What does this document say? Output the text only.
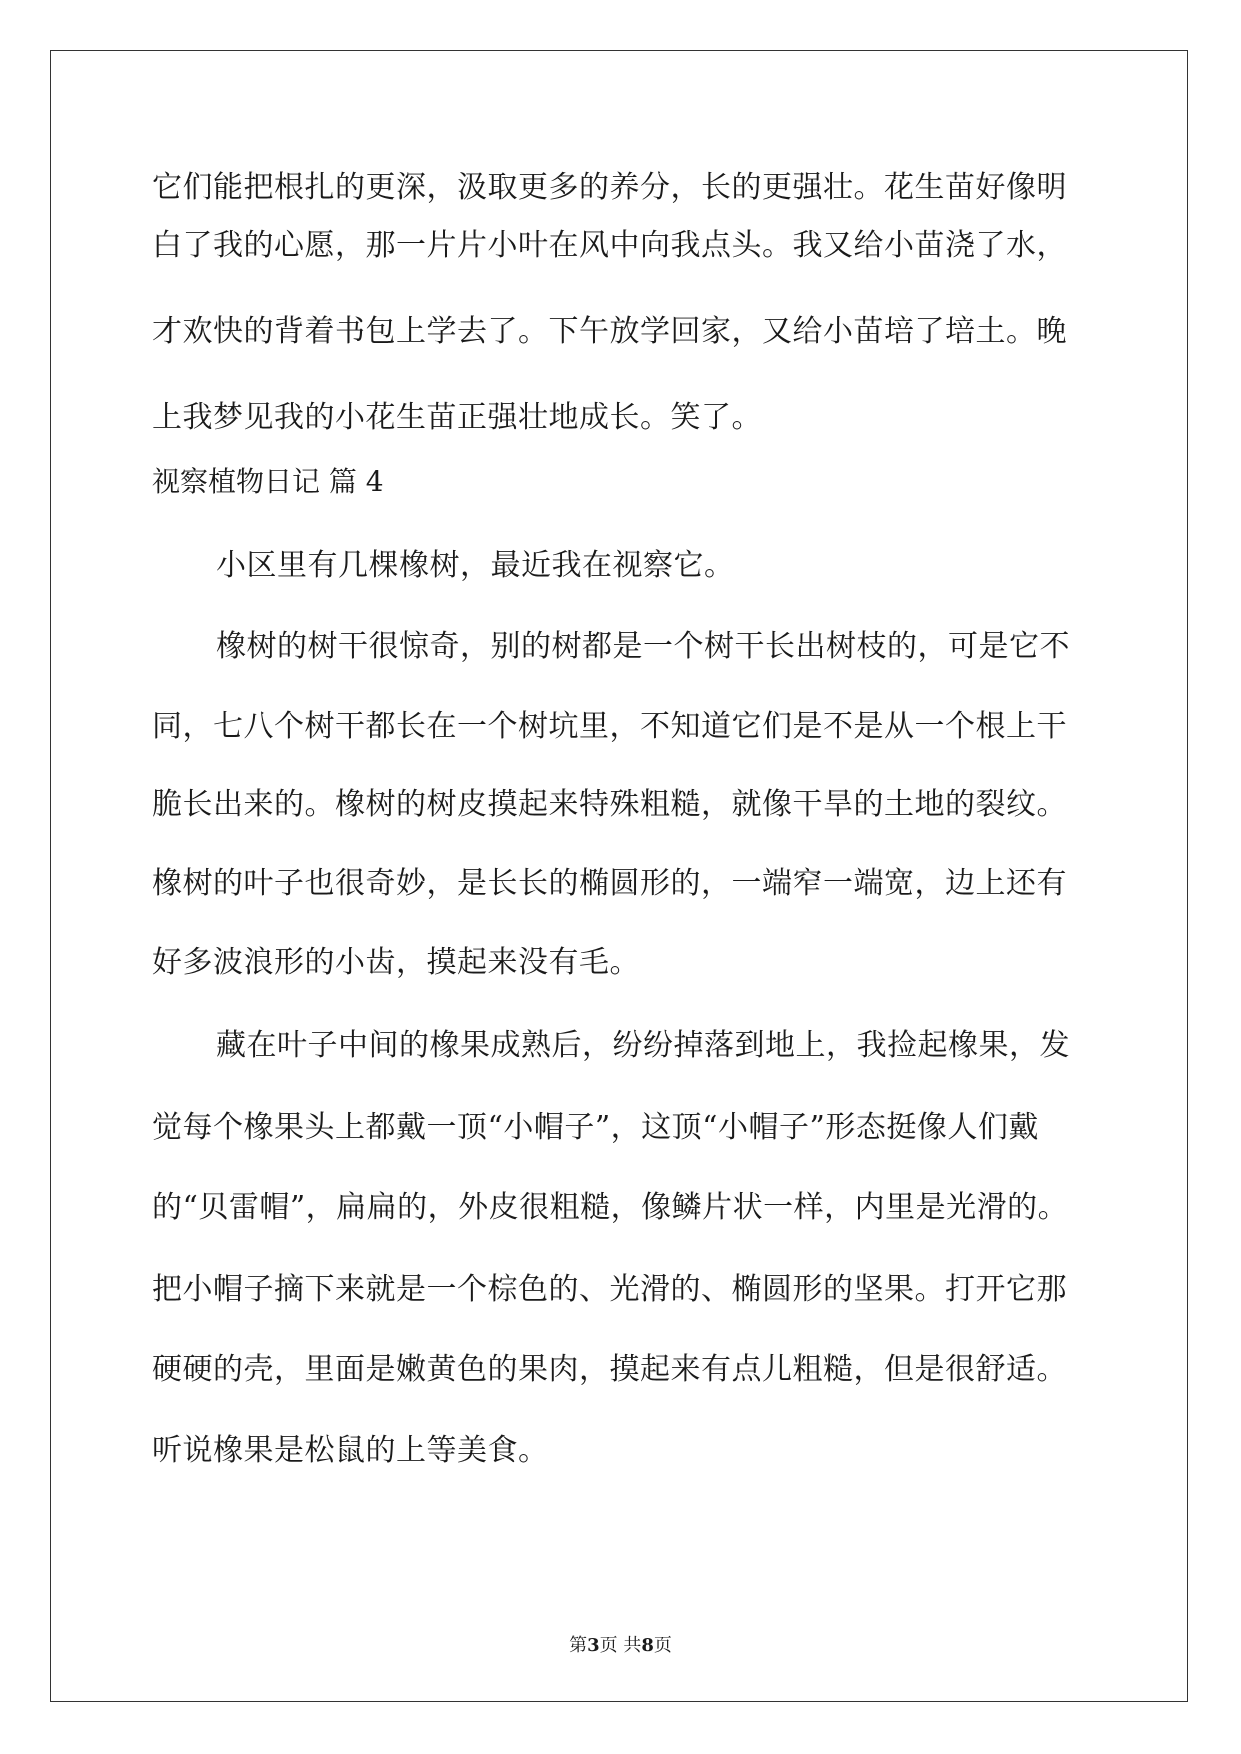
它们能把根扎的更深，汲取更多的养分，长的更强壮。花生苗好像明
白了我的心愿，那一片片小叶在风中向我点头。我又给小苗浇了水，
才欢快的背着书包上学去了。下午放学回家，又给小苗培了培土。晚
上我梦见我的小花生苗正强壮地成长。笑了。
视察植物日记 篇 4
小区里有几棵橡树，最近我在视察它。
橡树的树干很惊奇，别的树都是一个树干长出树枝的，可是它不
同，七八个树干都长在一个树坑里，不知道它们是不是从一个根上干
脆长出来的。橡树的树皮摸起来特殊粗糙，就像干旱的土地的裂纹。
橡树的叶子也很奇妙，是长长的椭圆形的，一端窄一端宽，边上还有
好多波浪形的小齿，摸起来没有毛。
藏在叶子中间的橡果成熟后，纷纷掉落到地上，我捡起橡果，发
觉每个橡果头上都戴一顶“小帽子”，这顶“小帽子”形态挺像人们戴
的“贝雷帽”，扁扁的，外皮很粗糙，像鳞片状一样，内里是光滑的。
把小帽子摘下来就是一个棕色的、光滑的、椭圆形的坚果。打开它那
硬硬的壳，里面是嫩黄色的果肉，摸起来有点儿粗糙，但是很舒适。
听说橡果是松鼠的上等美食。
第3页 共8页
